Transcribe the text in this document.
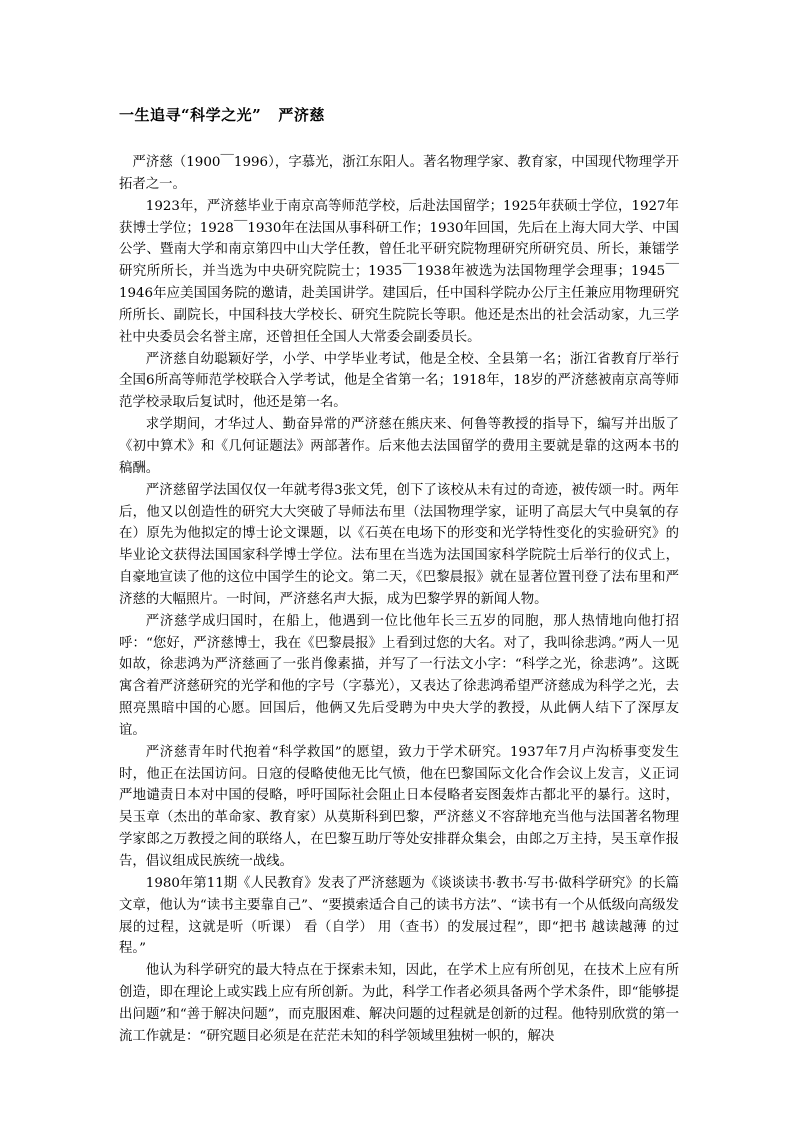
一生追寻“科学之光”   严济慈

严济慈（1900￣1996），字慕光，浙江东阳人。著名物理学家、教育家，中国现代物理学开拓者之一。

1923年，严济慈毕业于南京高等师范学校，后赴法国留学；1925年获硕士学位，1927年获博士学位；1928￣1930年在法国从事科研工作；1930年回国，先后在上海大同大学、中国公学、暨南大学和南京第四中山大学任教，曾任北平研究院物理研究所研究员、所长，兼镭学研究所所长，并当选为中央研究院院士；1935￣1938年被选为法国物理学会理事；1945￣1946年应美国国务院的邀请，赴美国讲学。建国后，任中国科学院办公厅主任兼应用物理研究所所长、副院长，中国科技大学校长、研究生院院长等职。他还是杰出的社会活动家，九三学社中央委员会名誉主席，还曾担任全国人大常委会副委员长。

严济慈自幼聪颖好学，小学、中学毕业考试，他是全校、全县第一名；浙江省教育厅举行全国6所高等师范学校联合入学考试，他是全省第一名；1918年，18岁的严济慈被南京高等师范学校录取后复试时，他还是第一名。

求学期间，才华过人、勤奋异常的严济慈在熊庆来、何鲁等教授的指导下，编写并出版了《初中算术》和《几何证题法》两部著作。后来他去法国留学的费用主要就是靠的这两本书的稿酬。

严济慈留学法国仅仅一年就考得3张文凭，创下了该校从未有过的奇迹，被传颂一时。两年后，他又以创造性的研究大大突破了导师法布里（法国物理学家，证明了高层大气中臭氧的存在）原先为他拟定的博士论文课题，以《石英在电场下的形变和光学特性变化的实验研究》的毕业论文获得法国国家科学博士学位。法布里在当选为法国国家科学院院士后举行的仪式上，自豪地宣读了他的这位中国学生的论文。第二天，《巴黎晨报》就在显著位置刊登了法布里和严济慈的大幅照片。一时间，严济慈名声大振，成为巴黎学界的新闻人物。

严济慈学成归国时，在船上，他遇到一位比他年长三五岁的同胞，那人热情地向他打招呼：“您好，严济慈博士，我在《巴黎晨报》上看到过您的大名。对了，我叫徐悲鸿。”两人一见如故，徐悲鸿为严济慈画了一张肖像素描，并写了一行法文小字：“科学之光，徐悲鸿”。这既寓含着严济慈研究的光学和他的字号（字慕光），又表达了徐悲鸿希望严济慈成为科学之光，去照亮黑暗中国的心愿。回国后，他俩又先后受聘为中央大学的教授，从此俩人结下了深厚友谊。

严济慈青年时代抱着“科学救国”的愿望，致力于学术研究。1937年7月卢沟桥事变发生时，他正在法国访问。日寇的侵略使他无比气愤，他在巴黎国际文化合作会议上发言，义正词严地谴责日本对中国的侵略，呼吁国际社会阻止日本侵略者妄图轰炸古都北平的暴行。这时，吴玉章（杰出的革命家、教育家）从莫斯科到巴黎，严济慈义不容辞地充当他与法国著名物理学家郎之万教授之间的联络人，在巴黎互助厅等处安排群众集会，由郎之万主持，吴玉章作报告，倡议组成民族统一战线。

1980年第11期《人民教育》发表了严济慈题为《谈谈读书·教书·写书·做科学研究》的长篇文章，他认为“读书主要靠自己”、“要摸索适合自己的读书方法”、“读书有一个从低级向高级发展的过程，这就是听（听课） 看（自学） 用（查书）的发展过程”，即“把书 越读越薄 的过程。”

他认为科学研究的最大特点在于探索未知，因此，在学术上应有所创见，在技术上应有所创造，即在理论上或实践上应有所创新。为此，科学工作者必须具备两个学术条件，即“能够提出问题”和“善于解决问题”，而克服困难、解决问题的过程就是创新的过程。他特别欣赏的第一流工作就是：“研究题目必须是在茫茫未知的科学领域里独树一帜的，解决
